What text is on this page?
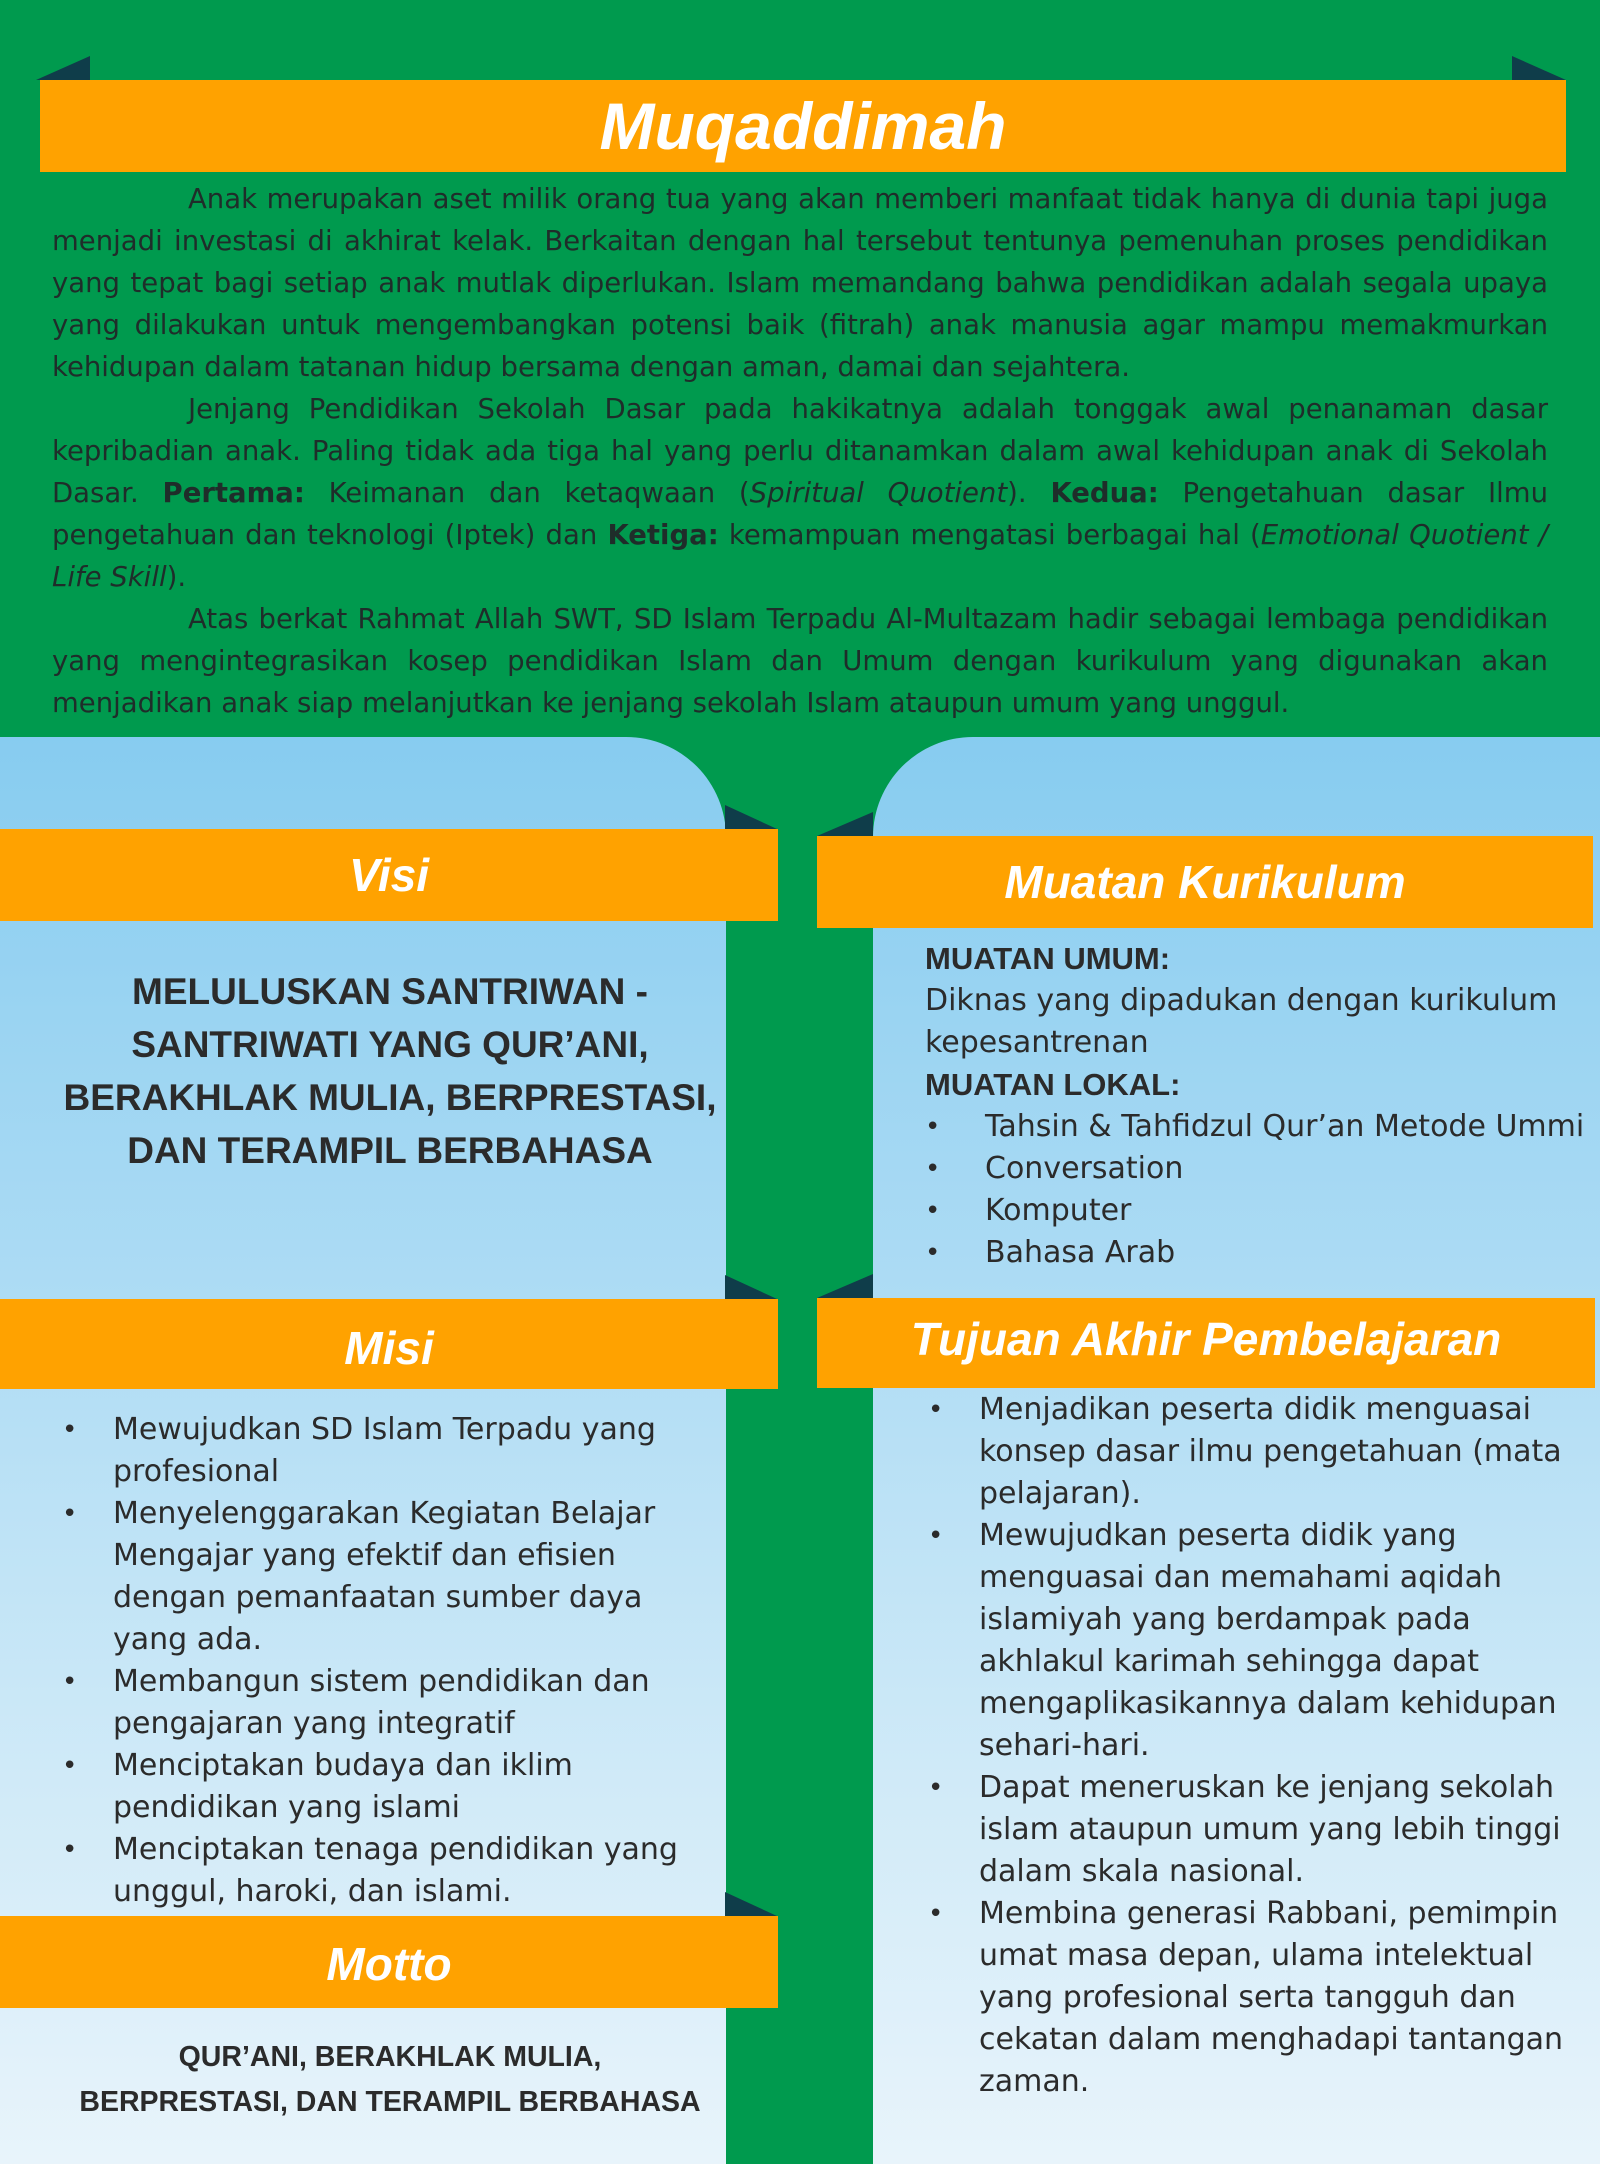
Muqaddimah

Anak merupakan aset milik orang tua yang akan memberi manfaat tidak hanya di dunia tapi juga menjadi investasi di akhirat kelak. Berkaitan dengan hal tersebut tentunya pemenuhan proses pendidikan yang tepat bagi setiap anak mutlak diperlukan. Islam memandang bahwa pendidikan adalah segala upaya yang dilakukan untuk mengembangkan potensi baik (fitrah) anak manusia agar mampu memakmurkan kehidupan dalam tatanan hidup bersama dengan aman, damai dan sejahtera.

Jenjang Pendidikan Sekolah Dasar pada hakikatnya adalah tonggak awal penanaman dasar kepribadian anak. Paling tidak ada tiga hal yang perlu ditanamkan dalam awal kehidupan anak di Sekolah Dasar. Pertama: Keimanan dan ketaqwaan (Spiritual Quotient). Kedua: Pengetahuan dasar Ilmu pengetahuan dan teknologi (Iptek) dan Ketiga: kemampuan mengatasi berbagai hal (Emotional Quotient / Life Skill).

Atas berkat Rahmat Allah SWT, SD Islam Terpadu Al-Multazam hadir sebagai lembaga pendidikan yang mengintegrasikan kosep pendidikan Islam dan Umum dengan kurikulum yang digunakan akan menjadikan anak siap melanjutkan ke jenjang sekolah Islam ataupun umum yang unggul.

Visi
MELULUSKAN SANTRIWAN - SANTRIWATI YANG QUR’ANI, BERAKHLAK MULIA, BERPRESTASI, DAN TERAMPIL BERBAHASA
Misi
• Mewujudkan SD Islam Terpadu yang profesional
• Menyelenggarakan Kegiatan Belajar Mengajar yang efektif dan efisien dengan pemanfaatan sumber daya yang ada.
• Membangun sistem pendidikan dan pengajaran yang integratif
• Menciptakan budaya dan iklim pendidikan yang islami
• Menciptakan tenaga pendidikan yang unggul, haroki, dan islami.
Motto
QUR’ANI, BERAKHLAK MULIA,
BERPRESTASI, DAN TERAMPIL BERBAHASA
Muatan Kurikulum
MUATAN UMUM:
Diknas yang dipadukan dengan kurikulum kepesantrenan
MUATAN LOKAL:
• Tahsin & Tahfidzul Qur’an Metode Ummi
• Conversation
• Komputer
• Bahasa Arab
Tujuan Akhir Pembelajaran
• Menjadikan peserta didik menguasai konsep dasar ilmu pengetahuan (mata pelajaran).
• Mewujudkan peserta didik yang menguasai dan memahami aqidah islamiyah yang berdampak pada akhlakul karimah sehingga dapat mengaplikasikannya dalam kehidupan sehari-hari.
• Dapat meneruskan ke jenjang sekolah islam ataupun umum yang lebih tinggi dalam skala nasional.
• Membina generasi Rabbani, pemimpin umat masa depan, ulama intelektual yang profesional serta tangguh dan cekatan dalam menghadapi tantangan zaman.
